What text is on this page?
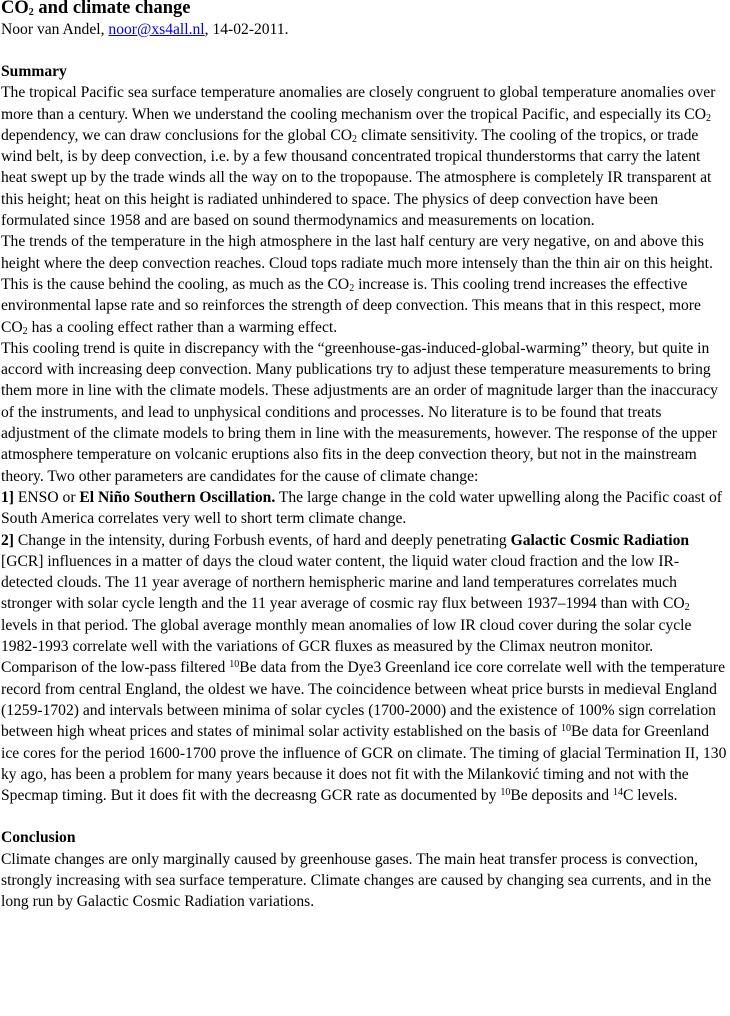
$CO_2$ and climate change
Noor van Andel, noor@xs4all.nl, 14-02-2011.
Summary

The tropical Pacific sea surface temperature anomalies are closely congruent to global temperature anomalies over more than a century. When we understand the cooling mechanism over the tropical Pacific, and especially its $CO_2$ dependency, we can draw conclusions for the global $CO_2$ climate sensitivity. The cooling of the tropics, or trade wind belt, is by deep convection, i.e. by a few thousand concentrated tropical thunderstorms that carry the latent heat swept up by the trade winds all the way on to the tropopause. The atmosphere is completely IR transparent at this height; heat on this height is radiated unhindered to space. The physics of deep convection have been formulated since 1958 and are based on sound thermodynamics and measurements on location.

The trends of the temperature in the high atmosphere in the last half century are very negative, on and above this height where the deep convection reaches. Cloud tops radiate much more intensely than the thin air on this height. This is the cause behind the cooling, as much as the $CO_2$ increase is. This cooling trend increases the effective environmental lapse rate and so reinforces the strength of deep convection. This means that in this respect, more $CO_2$ has a cooling effect rather than a warming effect.

This cooling trend is quite in discrepancy with the “greenhouse-gas-induced-global-warming” theory, but quite in accord with increasing deep convection. Many publications try to adjust these temperature measurements to bring them more in line with the climate models. These adjustments are an order of magnitude larger than the inaccuracy of the instruments, and lead to unphysical conditions and processes. No literature is to be found that treats adjustment of the climate models to bring them in line with the measurements, however. The response of the upper atmosphere temperature on volcanic eruptions also fits in the deep convection theory, but not in the mainstream theory. Two other parameters are candidates for the cause of climate change:

1] ENSO or El Niño Southern Oscillation. The large change in the cold water upwelling along the Pacific coast of South America correlates very well to short term climate change.

2] Change in the intensity, during Forbush events, of hard and deeply penetrating Galactic Cosmic Radiation [GCR] influences in a matter of days the cloud water content, the liquid water cloud fraction and the low IR-detected clouds. The 11 year average of northern hemispheric marine and land temperatures correlates much stronger with solar cycle length and the 11 year average of cosmic ray flux between 1937–1994 than with $CO_2$ levels in that period. The global average monthly mean anomalies of low IR cloud cover during the solar cycle 1982-1993 correlate well with the variations of GCR fluxes as measured by the Climax neutron monitor. Comparison of the low-pass filtered $^{10}$Be data from the Dye3 Greenland ice core correlate well with the temperature record from central England, the oldest we have. The coincidence between wheat price bursts in medieval England (1259-1702) and intervals between minima of solar cycles (1700-2000) and the existence of 100% sign correlation between high wheat prices and states of minimal solar activity established on the basis of $^{10}$Be data for Greenland ice cores for the period 1600-1700 prove the influence of GCR on climate. The timing of glacial Termination II, 130 ky ago, has been a problem for many years because it does not fit with the Milanković timing and not with the Specmap timing. But it does fit with the decreasng GCR rate as documented by $^{10}$Be deposits and $^{14}$C levels.

Conclusion

Climate changes are only marginally caused by greenhouse gases. The main heat transfer process is convection, strongly increasing with sea surface temperature. Climate changes are caused by changing sea currents, and in the long run by Galactic Cosmic Radiation variations.
